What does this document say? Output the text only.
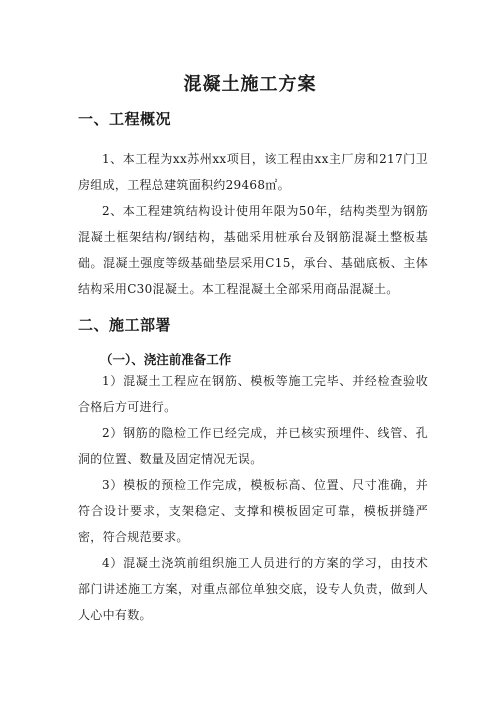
混凝土施工方案
一、工程概况
1、本工程为xx苏州xx项目，该工程由xx主厂房和217门卫房组成，工程总建筑面积约29468㎡。
2、本工程建筑结构设计使用年限为50年，结构类型为钢筋混凝土框架结构/钢结构，基础采用桩承台及钢筋混凝土整板基础。混凝土强度等级基础垫层采用C15，承台、基础底板、主体结构采用C30混凝土。本工程混凝土全部采用商品混凝土。
二、施工部署
（一）、浇注前准备工作
1）混凝土工程应在钢筋、模板等施工完毕、并经检查验收合格后方可进行。
2）钢筋的隐检工作已经完成，并已核实预埋件、线管、孔洞的位置、数量及固定情况无误。
3）模板的预检工作完成，模板标高、位置、尺寸准确，并符合设计要求，支架稳定、支撑和模板固定可靠，模板拼缝严密，符合规范要求。
4）混凝土浇筑前组织施工人员进行的方案的学习，由技术部门讲述施工方案，对重点部位单独交底，设专人负责，做到人人心中有数。
